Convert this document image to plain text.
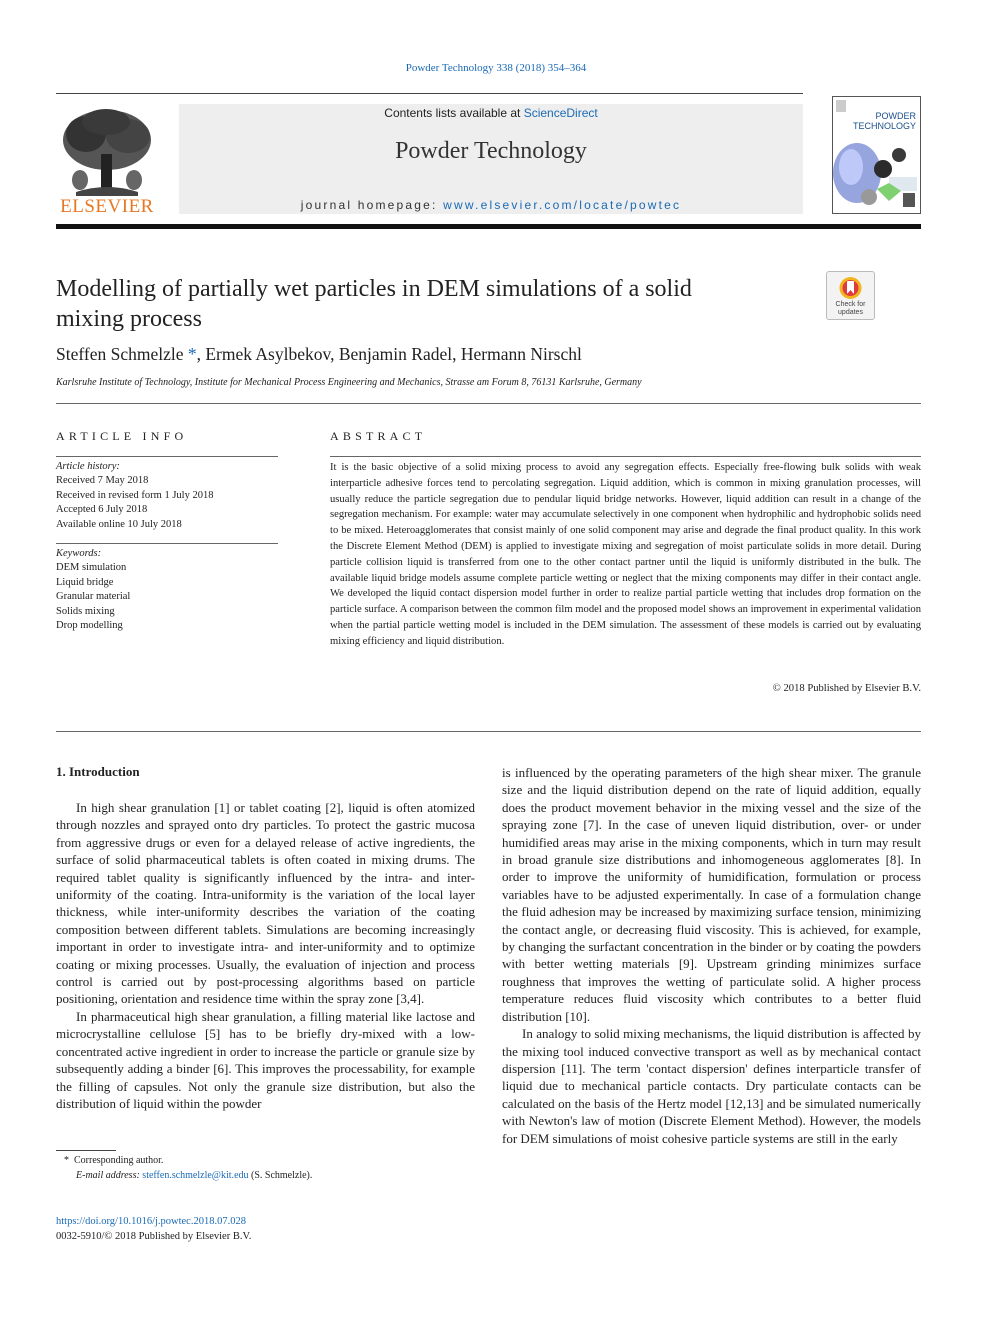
Powder Technology 338 (2018) 354–364
ELSEVIER
Contents lists available at ScienceDirect
Powder Technology
journal homepage: www.elsevier.com/locate/powtec
POWDER
TECHNOLOGY
Modelling of partially wet particles in DEM simulations of a solid mixing process
Check for
updates
Steffen Schmelzle *, Ermek Asylbekov, Benjamin Radel, Hermann Nirschl
Karlsruhe Institute of Technology, Institute for Mechanical Process Engineering and Mechanics, Strasse am Forum 8, 76131 Karlsruhe, Germany
ARTICLE INFO	ABSTRACT
Article history:
Received 7 May 2018
Received in revised form 1 July 2018
Accepted 6 July 2018
Available online 10 July 2018
Keywords:
DEM simulation
Liquid bridge
Granular material
Solids mixing
Drop modelling
It is the basic objective of a solid mixing process to avoid any segregation effects. Especially free-flowing bulk solids with weak interparticle adhesive forces tend to percolating segregation. Liquid addition, which is common in mixing granulation processes, will usually reduce the particle segregation due to pendular liquid bridge networks. However, liquid addition can result in a change of the segregation mechanism. For example: water may accumulate selectively in one component when hydrophilic and hydrophobic solids need to be mixed. Heteroagglomerates that consist mainly of one solid component may arise and degrade the final product quality. In this work the Discrete Element Method (DEM) is applied to investigate mixing and segregation of moist particulate solids in more detail. During particle collision liquid is transferred from one to the other contact partner until the liquid is uniformly distributed in the bulk. The available liquid bridge models assume complete particle wetting or neglect that the mixing components may differ in their contact angle. We developed the liquid contact dispersion model further in order to realize partial particle wetting that includes drop formation on the particle surface. A comparison between the common film model and the proposed model shows an improvement in experimental validation when the partial particle wetting model is included in the DEM simulation. The assessment of these models is carried out by evaluating mixing efficiency and liquid distribution.
© 2018 Published by Elsevier B.V.
1. Introduction

In high shear granulation [1] or tablet coating [2], liquid is often atomized through nozzles and sprayed onto dry particles. To protect the gastric mucosa from aggressive drugs or even for a delayed release of active ingredients, the surface of solid pharmaceutical tablets is often coated in mixing drums. The required tablet quality is significantly influenced by the intra- and inter-uniformity of the coating. Intra-uniformity is the variation of the local layer thickness, while inter-uniformity describes the variation of the coating composition between different tablets. Simulations are becoming increasingly important in order to investigate intra- and inter-uniformity and to optimize coating or mixing processes. Usually, the evaluation of injection and process control is carried out by post-processing algorithms based on particle positioning, orientation and residence time within the spray zone [3,4].

In pharmaceutical high shear granulation, a filling material like lactose and microcrystalline cellulose [5] has to be briefly dry-mixed with a low-concentrated active ingredient in order to increase the particle or granule size by subsequently adding a binder [6]. This improves the processability, for example the filling of capsules. Not only the granule size distribution, but also the distribution of liquid within the powder

is influenced by the operating parameters of the high shear mixer. The granule size and the liquid distribution depend on the rate of liquid addition, equally does the product movement behavior in the mixing vessel and the size of the spraying zone [7]. In the case of uneven liquid distribution, over- or under humidified areas may arise in the mixing components, which in turn may result in broad granule size distributions and inhomogeneous agglomerates [8]. In order to improve the uniformity of humidification, formulation or process variables have to be adjusted experimentally. In case of a formulation change the fluid adhesion may be increased by maximizing surface tension, minimizing the contact angle, or decreasing fluid viscosity. This is achieved, for example, by changing the surfactant concentration in the binder or by coating the powders with better wetting materials [9]. Upstream grinding minimizes surface roughness that improves the wetting of particulate solid. A higher process temperature reduces fluid viscosity which contributes to a better fluid distribution [10].

In analogy to solid mixing mechanisms, the liquid distribution is affected by the mixing tool induced convective transport as well as by mechanical contact dispersion [11]. The term 'contact dispersion' defines interparticle transfer of liquid due to mechanical particle contacts. Dry particulate contacts can be calculated on the basis of the Hertz model [12,13] and be simulated numerically with Newton's law of motion (Discrete Element Method). However, the models for DEM simulations of moist cohesive particle systems are still in the early

* Corresponding author.
E-mail address: steffen.schmelzle@kit.edu (S. Schmelzle).
https://doi.org/10.1016/j.powtec.2018.07.028
0032-5910/© 2018 Published by Elsevier B.V.
